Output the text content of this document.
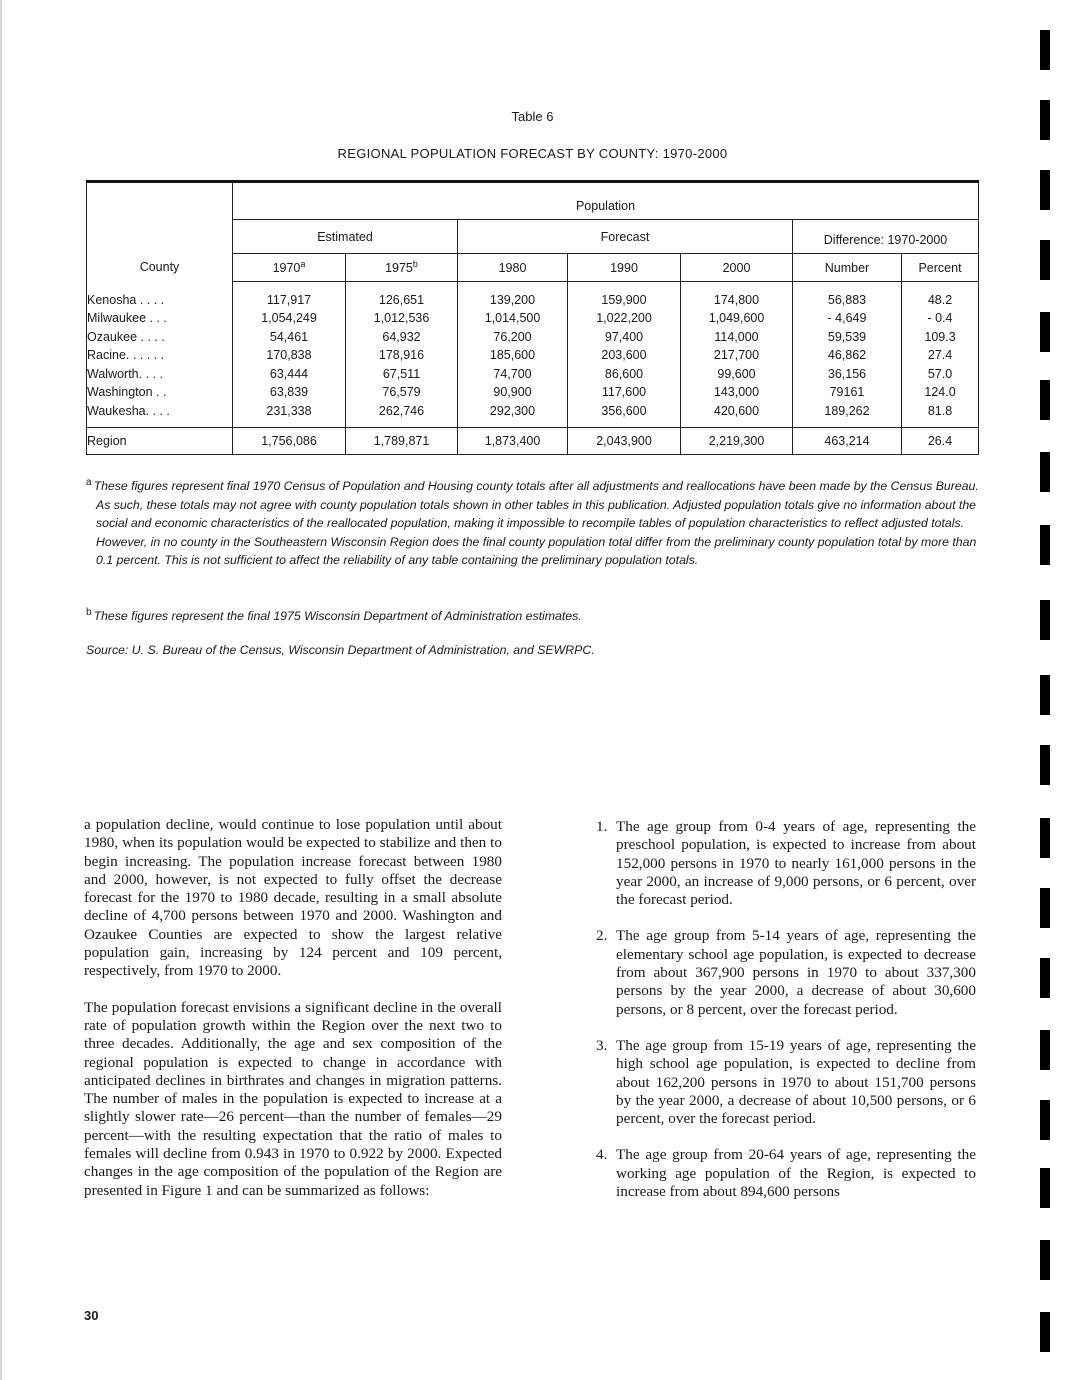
Table 6
REGIONAL POPULATION FORECAST BY COUNTY: 1970-2000
County	Population						
	Estimated		Forecast			Difference: 1970-2000	
	1970$^a$	1975$^b$	1980	1990	2000	Number	Percent

Kenosha . . . .	117,917	126,651	139,200	159,900	174,800	56,883	48.2
Milwaukee . . .	1,054,249	1,012,536	1,014,500	1,022,200	1,049,600	- 4,649	- 0.4
Ozaukee . . . .	54,461	64,932	76,200	97,400	114,000	59,539	109.3
Racine. . . . . .	170,838	178,916	185,600	203,600	217,700	46,862	27.4
Walworth. . . .	63,444	67,511	74,700	86,600	99,600	36,156	57.0
Washington . .	63,839	76,579	90,900	117,600	143,000	79161	124.0
Waukesha. . . .	231,338	262,746	292,300	356,600	420,600	189,262	81.8

Region	1,756,086	1,789,871	1,873,400	2,043,900	2,219,300	463,214	26.4
$^a$ These figures represent final 1970 Census of Population and Housing county totals after all adjustments and reallocations have been made by the Census Bureau. As such, these totals may not agree with county population totals shown in other tables in this publication. Adjusted population totals give no information about the social and economic characteristics of the reallocated population, making it impossible to recompile tables of population characteristics to reflect adjusted totals. However, in no county in the Southeastern Wisconsin Region does the final county population total differ from the preliminary county population total by more than 0.1 percent. This is not sufficient to affect the reliability of any table containing the preliminary population totals.
$^b$ These figures represent the final 1975 Wisconsin Department of Administration estimates.
Source: U. S. Bureau of the Census, Wisconsin Department of Administration, and SEWRPC.

a population decline, would continue to lose population until about 1980, when its population would be expected to stabilize and then to begin increasing. The population increase forecast between 1980 and 2000, however, is not expected to fully offset the decrease forecast for the 1970 to 1980 decade, resulting in a small absolute decline of 4,700 persons between 1970 and 2000. Washington and Ozaukee Counties are expected to show the largest relative population gain, increasing by 124 percent and 109 percent, respectively, from 1970 to 2000.

The population forecast envisions a significant decline in the overall rate of population growth within the Region over the next two to three decades. Additionally, the age and sex composition of the regional population is expected to change in accordance with anticipated declines in birthrates and changes in migration patterns. The number of males in the population is expected to increase at a slightly slower rate—26 percent—than the number of females—29 percent—with the resulting expectation that the ratio of males to females will decline from 0.943 in 1970 to 0.922 by 2000. Expected changes in the age composition of the population of the Region are presented in Figure 1 and can be summarized as follows:

1. The age group from 0-4 years of age, representing the preschool population, is expected to increase from about 152,000 persons in 1970 to nearly 161,000 persons in the year 2000, an increase of 9,000 persons, or 6 percent, over the forecast period.
2. The age group from 5-14 years of age, representing the elementary school age population, is expected to decrease from about 367,900 persons in 1970 to about 337,300 persons by the year 2000, a decrease of about 30,600 persons, or 8 percent, over the forecast period.
3. The age group from 15-19 years of age, representing the high school age population, is expected to decline from about 162,200 persons in 1970 to about 151,700 persons by the year 2000, a decrease of about 10,500 persons, or 6 percent, over the forecast period.
4. The age group from 20-64 years of age, representing the working age population of the Region, is expected to increase from about 894,600 persons
30
